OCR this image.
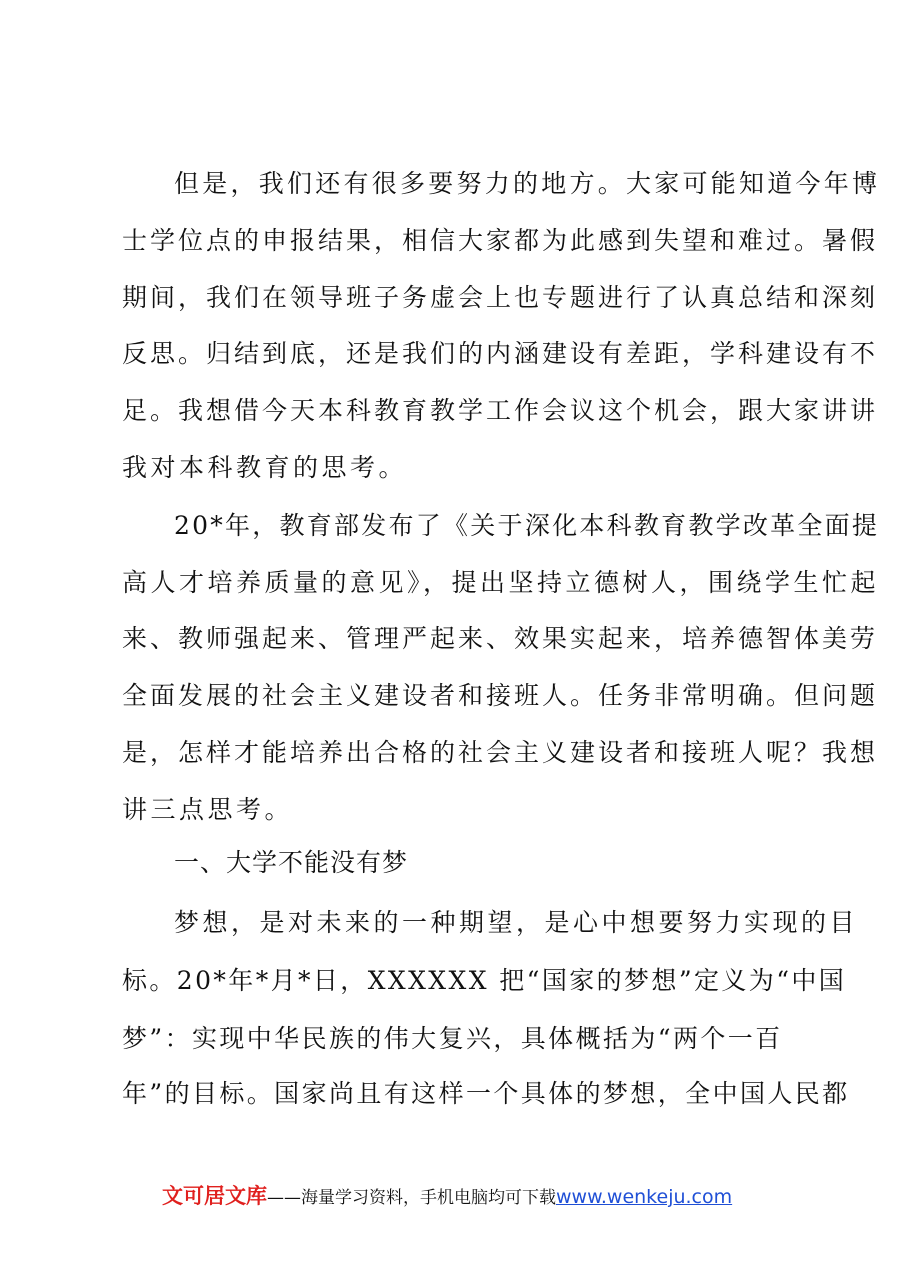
但是，我们还有很多要努力的地方。大家可能知道今年博
士学位点的申报结果，相信大家都为此感到失望和难过。暑假
期间，我们在领导班子务虚会上也专题进行了认真总结和深刻
反思。归结到底，还是我们的内涵建设有差距，学科建设有不
足。我想借今天本科教育教学工作会议这个机会，跟大家讲讲
我对本科教育的思考。
20*年，教育部发布了《关于深化本科教育教学改革全面提
高人才培养质量的意见》，提出坚持立德树人，围绕学生忙起
来、教师强起来、管理严起来、效果实起来，培养德智体美劳
全面发展的社会主义建设者和接班人。任务非常明确。但问题
是，怎样才能培养出合格的社会主义建设者和接班人呢？我想
讲三点思考。
一、大学不能没有梦
梦想，是对未来的一种期望，是心中想要努力实现的目
标。20*年*月*日，XXXXXX 把“国家的梦想”定义为“中国
梦”：实现中华民族的伟大复兴，具体概括为“两个一百
年”的目标。国家尚且有这样一个具体的梦想，全中国人民都
文可居文库——海量学习资料，手机电脑均可下载www.wenkeju.com
